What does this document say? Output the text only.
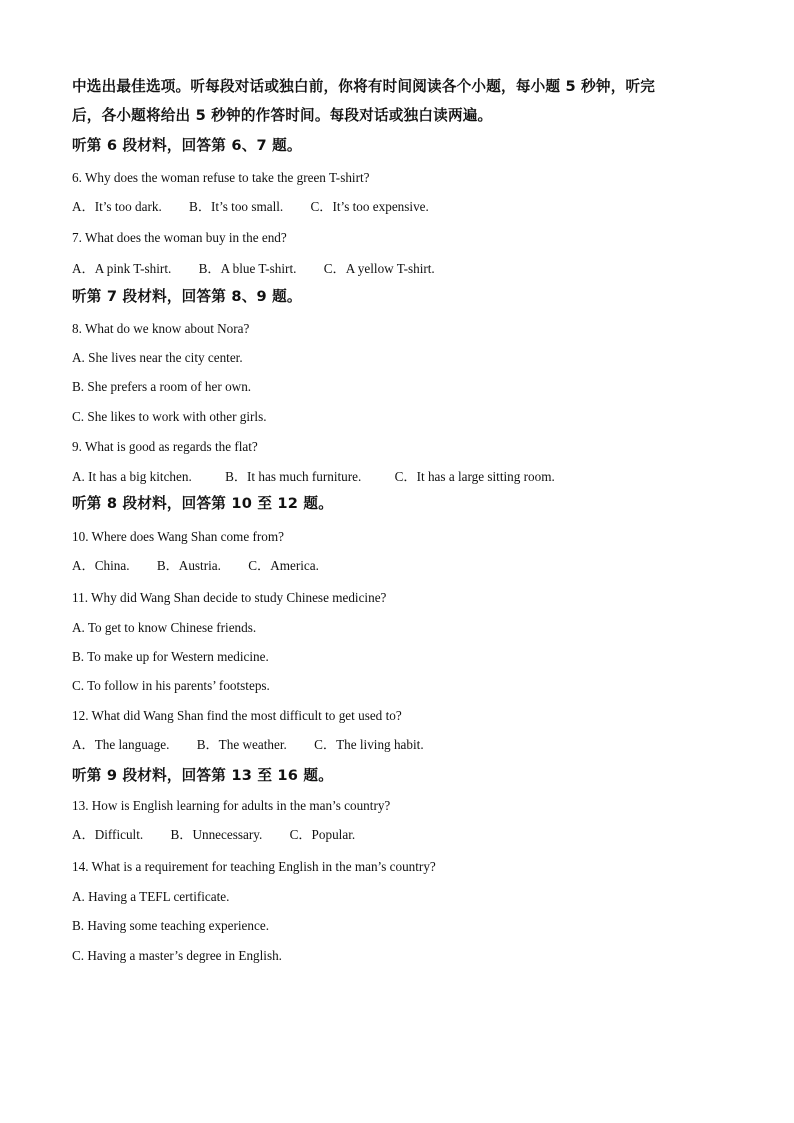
中选出最佳选项。听每段对话或独白前，你将有时间阅读各个小题，每小题 5 秒钟，听完
后，各小题将给出 5 秒钟的作答时间。每段对话或独白读两遍。
听第 6 段材料，回答第 6、7 题。
6. Why does the woman refuse to take the green T-shirt?
A．It’s too dark. B．It’s too small. C．It’s too expensive.
7. What does the woman buy in the end?
A．A pink T-shirt. B．A blue T-shirt. C．A yellow T-shirt.
听第 7 段材料，回答第 8、9 题。
8. What do we know about Nora?
A. She lives near the city center.
B. She prefers a room of her own.
C. She likes to work with other girls.
9. What is good as regards the flat?
A. It has a big kitchen.	B．It has much furniture.	C．It has a large sitting room.
听第 8 段材料，回答第 10 至 12 题。
10. Where does Wang Shan come from?
A．China. B．Austria. C．America.
11. Why did Wang Shan decide to study Chinese medicine?
A. To get to know Chinese friends.
B. To make up for Western medicine.
C. To follow in his parents’ footsteps.
12. What did Wang Shan find the most difficult to get used to?
A．The language. B．The weather. C．The living habit.
听第 9 段材料，回答第 13 至 16 题。
13. How is English learning for adults in the man’s country?
A．Difficult. B．Unnecessary. C．Popular.
14. What is a requirement for teaching English in the man’s country?
A. Having a TEFL certificate.
B. Having some teaching experience.
C. Having a master’s degree in English.
